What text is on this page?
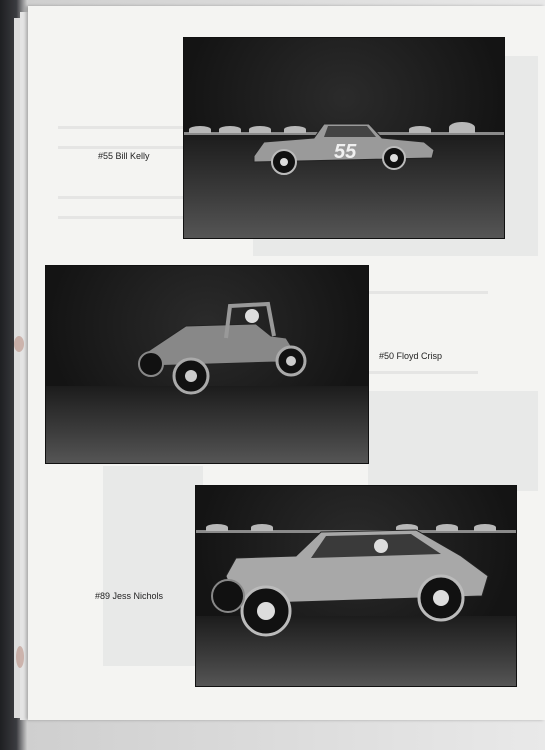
55
#55 Bill Kelly
#50 Floyd Crisp
#89 Jess Nichols
